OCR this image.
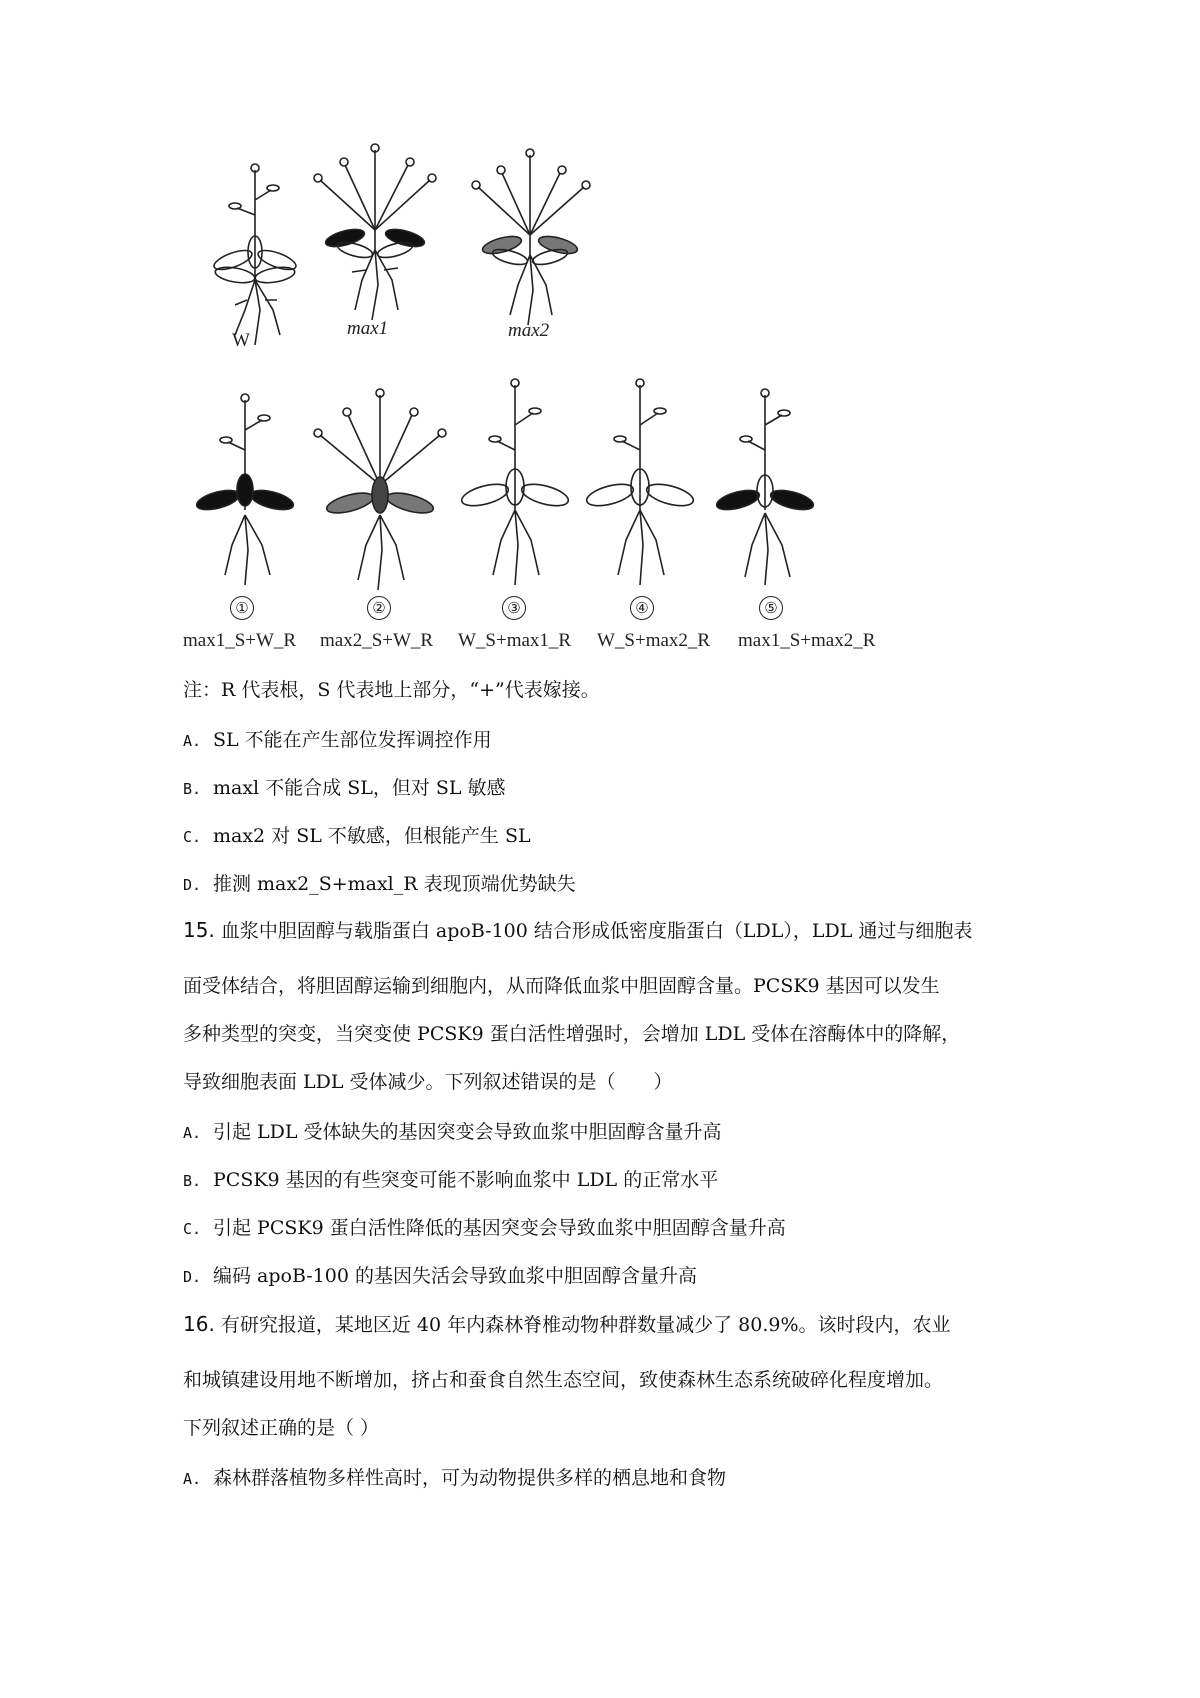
W
max1	max2
①	②	③	④	⑤
max1_S+W_R max2_S+W_R W_S+max1_R W_S+max2_R max1_S+max2_R
注：R 代表根，S 代表地上部分，“+”代表嫁接。
A. SL 不能在产生部位发挥调控作用
B. maxl 不能合成 SL，但对 SL 敏感
C. max2 对 SL 不敏感，但根能产生 SL
D. 推测 max2_S+maxl_R 表现顶端优势缺失
15. 血浆中胆固醇与载脂蛋白 apoB-100 结合形成低密度脂蛋白（LDL），LDL 通过与细胞表
面受体结合，将胆固醇运输到细胞内，从而降低血浆中胆固醇含量。PCSK9 基因可以发生
多种类型的突变，当突变使 PCSK9 蛋白活性增强时，会增加 LDL 受体在溶酶体中的降解，
导致细胞表面 LDL 受体减少。下列叙述错误的是（　　）
A. 引起 LDL 受体缺失的基因突变会导致血浆中胆固醇含量升高
B. PCSK9 基因的有些突变可能不影响血浆中 LDL 的正常水平
C. 引起 PCSK9 蛋白活性降低的基因突变会导致血浆中胆固醇含量升高
D. 编码 apoB-100 的基因失活会导致血浆中胆固醇含量升高
16. 有研究报道，某地区近 40 年内森林脊椎动物种群数量减少了 80.9%。该时段内，农业
和城镇建设用地不断增加，挤占和蚕食自然生态空间，致使森林生态系统破碎化程度增加。
下列叙述正确的是（ ）
A. 森林群落植物多样性高时，可为动物提供多样的栖息地和食物
